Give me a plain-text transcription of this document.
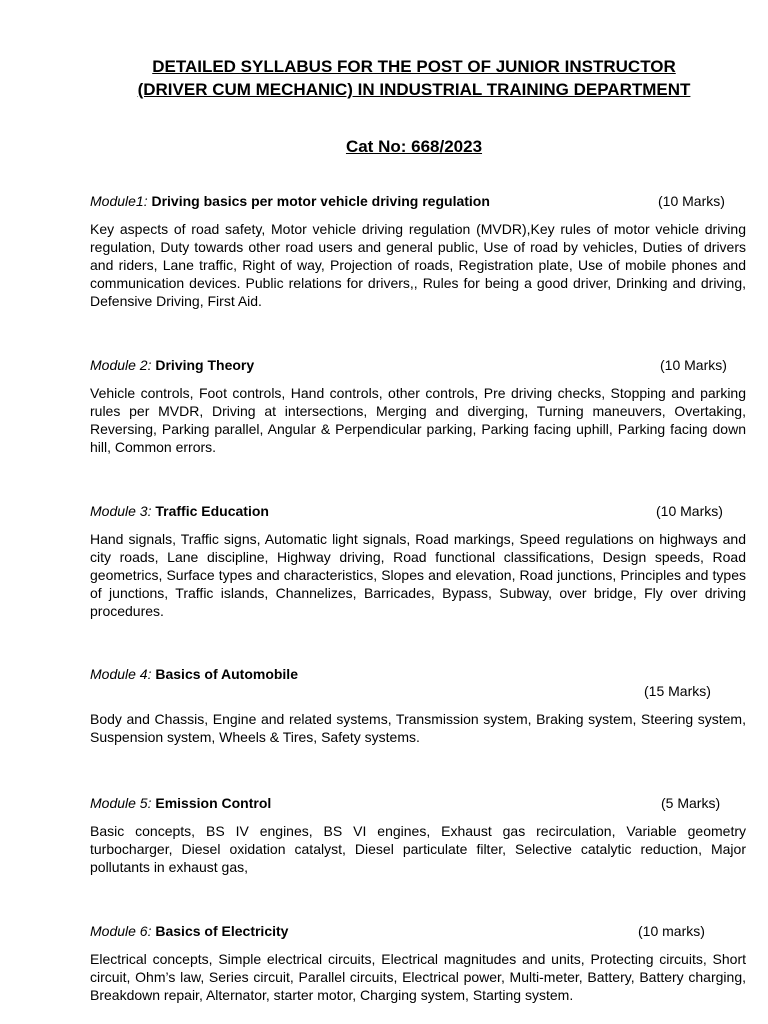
DETAILED SYLLABUS FOR THE POST OF JUNIOR INSTRUCTOR
(DRIVER CUM MECHANIC) IN INDUSTRIAL TRAINING DEPARTMENT
Cat No: 668/2023
Module1: Driving basics per motor vehicle driving regulation	(10 Marks)
Key aspects of road safety, Motor vehicle driving regulation (MVDR),Key rules of motor vehicle driving regulation, Duty towards other road users and general public, Use of road by vehicles, Duties of drivers and riders, Lane traffic, Right of way, Projection of roads, Registration plate, Use of mobile phones and communication devices. Public relations for drivers,, Rules for being a good driver, Drinking and driving, Defensive Driving, First Aid.
Module 2: Driving Theory	(10 Marks)
Vehicle controls, Foot controls, Hand controls, other controls, Pre driving checks, Stopping and parking rules per MVDR, Driving at intersections, Merging and diverging, Turning maneuvers, Overtaking, Reversing, Parking parallel, Angular & Perpendicular parking, Parking facing uphill, Parking facing down hill, Common errors.
Module 3: Traffic Education	(10 Marks)
Hand signals, Traffic signs, Automatic light signals, Road markings, Speed regulations on highways and city roads, Lane discipline, Highway driving, Road functional classifications, Design speeds, Road geometrics, Surface types and characteristics, Slopes and elevation, Road junctions, Principles and types of junctions, Traffic islands, Channelizes, Barricades, Bypass, Subway, over bridge, Fly over driving procedures.
Module 4: Basics of Automobile
(15 Marks)
Body and Chassis, Engine and related systems, Transmission system, Braking system, Steering system, Suspension system, Wheels & Tires, Safety systems.
Module 5: Emission Control	(5 Marks)
Basic concepts, BS IV engines, BS VI engines, Exhaust gas recirculation, Variable geometry turbocharger, Diesel oxidation catalyst, Diesel particulate filter, Selective catalytic reduction, Major pollutants in exhaust gas,
Module 6: Basics of Electricity	(10 marks)
Electrical concepts, Simple electrical circuits, Electrical magnitudes and units, Protecting circuits, Short circuit, Ohm’s law, Series circuit, Parallel circuits, Electrical power, Multi-meter, Battery, Battery charging, Breakdown repair, Alternator, starter motor, Charging system, Starting system.
